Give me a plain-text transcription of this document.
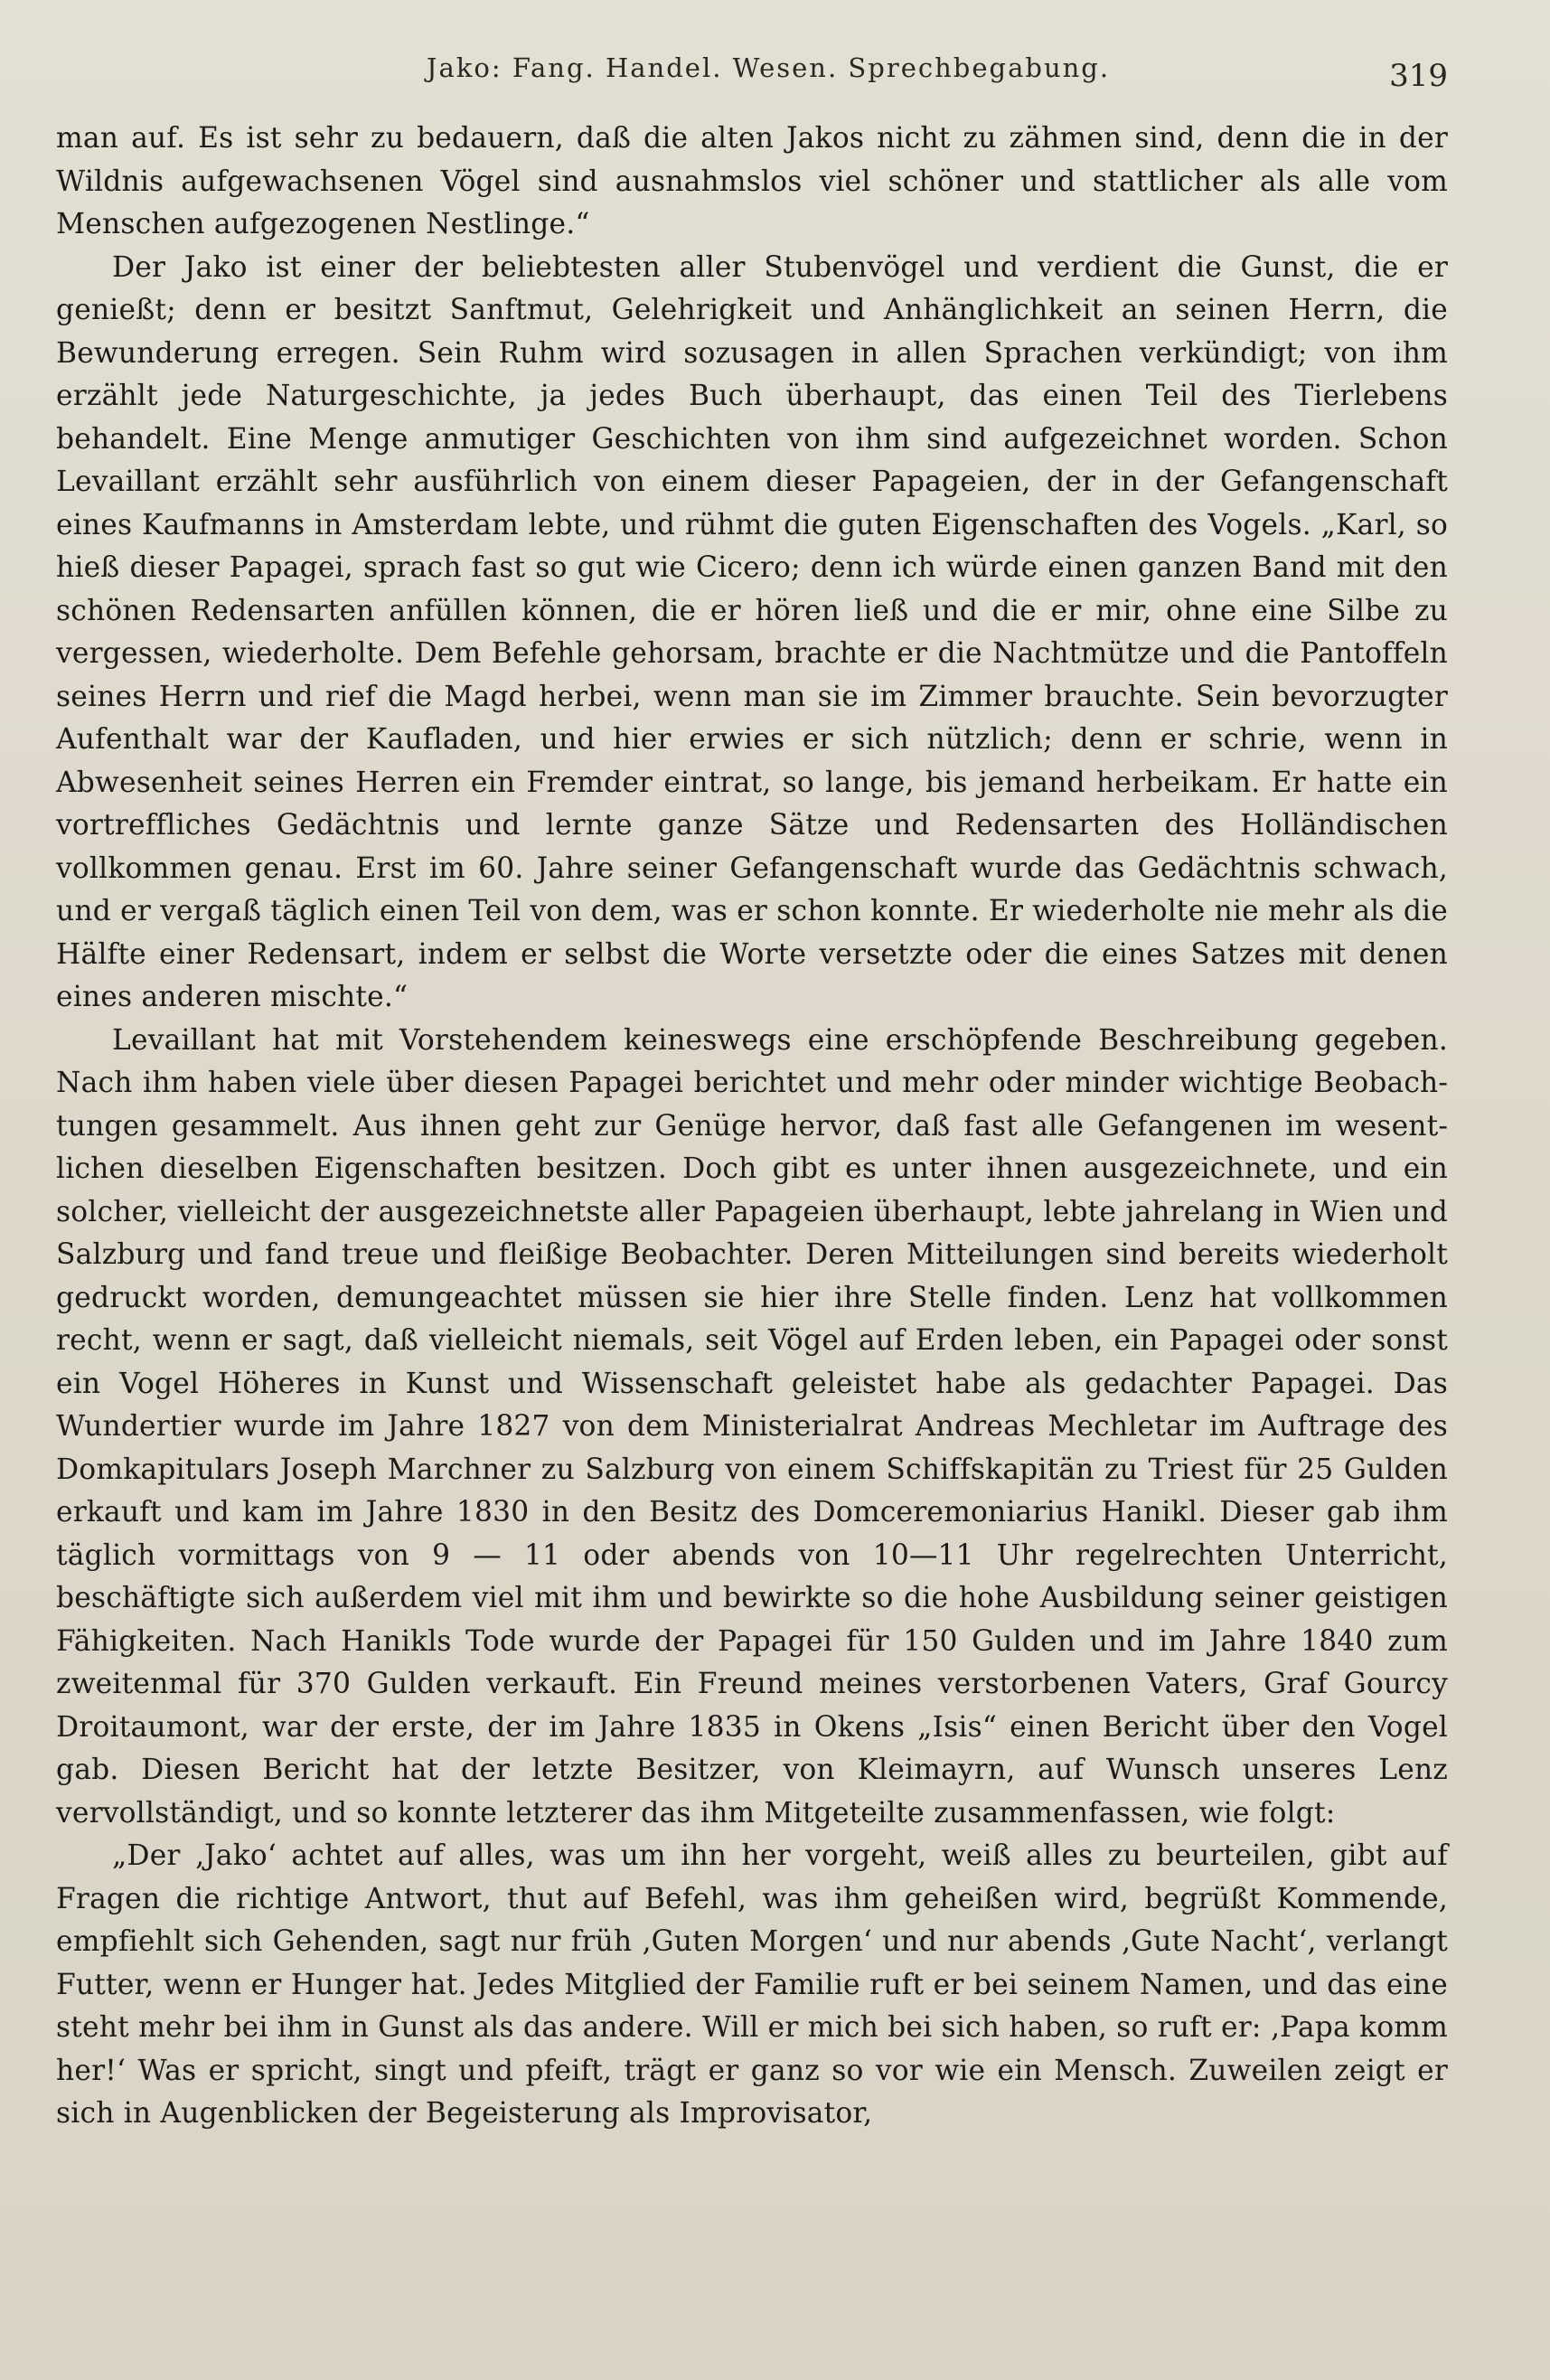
Jako: Fang. Handel. Wesen. Sprechbegabung.	319

man auf. Es ist sehr zu bedauern, daß die alten Jakos nicht zu zähmen sind, denn die in der Wildnis aufgewachsenen Vögel sind ausnahmslos viel schöner und stattlicher als alle vom Menschen aufgezogenen Nestlinge.“

Der Jako ist einer der beliebtesten aller Stubenvögel und verdient die Gunst, die er genießt; denn er besitzt Sanftmut, Gelehrigkeit und Anhänglichkeit an seinen Herrn, die Bewunderung erregen. Sein Ruhm wird sozusagen in allen Sprachen verkündigt; von ihm erzählt jede Naturgeschichte, ja jedes Buch überhaupt, das einen Teil des Tierlebens behandelt. Eine Menge anmutiger Geschichten von ihm sind aufgezeichnet worden. Schon Levaillant erzählt sehr ausführlich von einem dieser Papageien, der in der Gefangenschaft eines Kaufmanns in Amsterdam lebte, und rühmt die guten Eigenschaften des Vogels. „Karl, so hieß dieser Papagei, sprach fast so gut wie Cicero; denn ich würde einen ganzen Band mit den schönen Redensarten anfüllen können, die er hören ließ und die er mir, ohne eine Silbe zu vergessen, wiederholte. Dem Befehle gehorsam, brachte er die Nachtmütze und die Pantoffeln seines Herrn und rief die Magd herbei, wenn man sie im Zimmer brauchte. Sein bevorzugter Aufenthalt war der Kaufladen, und hier erwies er sich nützlich; denn er schrie, wenn in Abwesenheit seines Herren ein Fremder eintrat, so lange, bis jemand herbeikam. Er hatte ein vortreffliches Gedächtnis und lernte ganze Sätze und Redensarten des Holländischen vollkommen genau. Erst im 60. Jahre seiner Gefangenschaft wurde das Gedächtnis schwach, und er vergaß täglich einen Teil von dem, was er schon konnte. Er wiederholte nie mehr als die Hälfte einer Redensart, indem er selbst die Worte versetzte oder die eines Satzes mit denen eines anderen mischte.“

Levaillant hat mit Vorstehendem keineswegs eine erschöpfende Beschreibung gegeben. Nach ihm haben viele über diesen Papagei berichtet und mehr oder minder wichtige Beobachtungen gesammelt. Aus ihnen geht zur Genüge hervor, daß fast alle Gefangenen im wesentlichen dieselben Eigenschaften besitzen. Doch gibt es unter ihnen ausgezeichnete, und ein solcher, vielleicht der ausgezeichnetste aller Papageien überhaupt, lebte jahrelang in Wien und Salzburg und fand treue und fleißige Beobachter. Deren Mitteilungen sind bereits wiederholt gedruckt worden, demungeachtet müssen sie hier ihre Stelle finden. Lenz hat vollkommen recht, wenn er sagt, daß vielleicht niemals, seit Vögel auf Erden leben, ein Papagei oder sonst ein Vogel Höheres in Kunst und Wissenschaft geleistet habe als gedachter Papagei. Das Wundertier wurde im Jahre 1827 von dem Ministerialrat Andreas Mechletar im Auftrage des Domkapitulars Joseph Marchner zu Salzburg von einem Schiffskapitän zu Triest für 25 Gulden erkauft und kam im Jahre 1830 in den Besitz des Domceremoniarius Hanikl. Dieser gab ihm täglich vormittags von 9 — 11 oder abends von 10—11 Uhr regelrechten Unterricht, beschäftigte sich außerdem viel mit ihm und bewirkte so die hohe Ausbildung seiner geistigen Fähigkeiten. Nach Hanikls Tode wurde der Papagei für 150 Gulden und im Jahre 1840 zum zweitenmal für 370 Gulden verkauft. Ein Freund meines verstorbenen Vaters, Graf Gourcy Droitaumont, war der erste, der im Jahre 1835 in Okens „Isis“ einen Bericht über den Vogel gab. Diesen Bericht hat der letzte Besitzer, von Kleimayrn, auf Wunsch unseres Lenz vervollständigt, und so konnte letzterer das ihm Mitgeteilte zusammenfassen, wie folgt:

„Der ‚Jako‘ achtet auf alles, was um ihn her vorgeht, weiß alles zu beurteilen, gibt auf Fragen die richtige Antwort, thut auf Befehl, was ihm geheißen wird, begrüßt Kommende, empfiehlt sich Gehenden, sagt nur früh ‚Guten Morgen‘ und nur abends ‚Gute Nacht‘, verlangt Futter, wenn er Hunger hat. Jedes Mitglied der Familie ruft er bei seinem Namen, und das eine steht mehr bei ihm in Gunst als das andere. Will er mich bei sich haben, so ruft er: ‚Papa komm her!‘ Was er spricht, singt und pfeift, trägt er ganz so vor wie ein Mensch. Zuweilen zeigt er sich in Augenblicken der Begeisterung als Improvisator,
